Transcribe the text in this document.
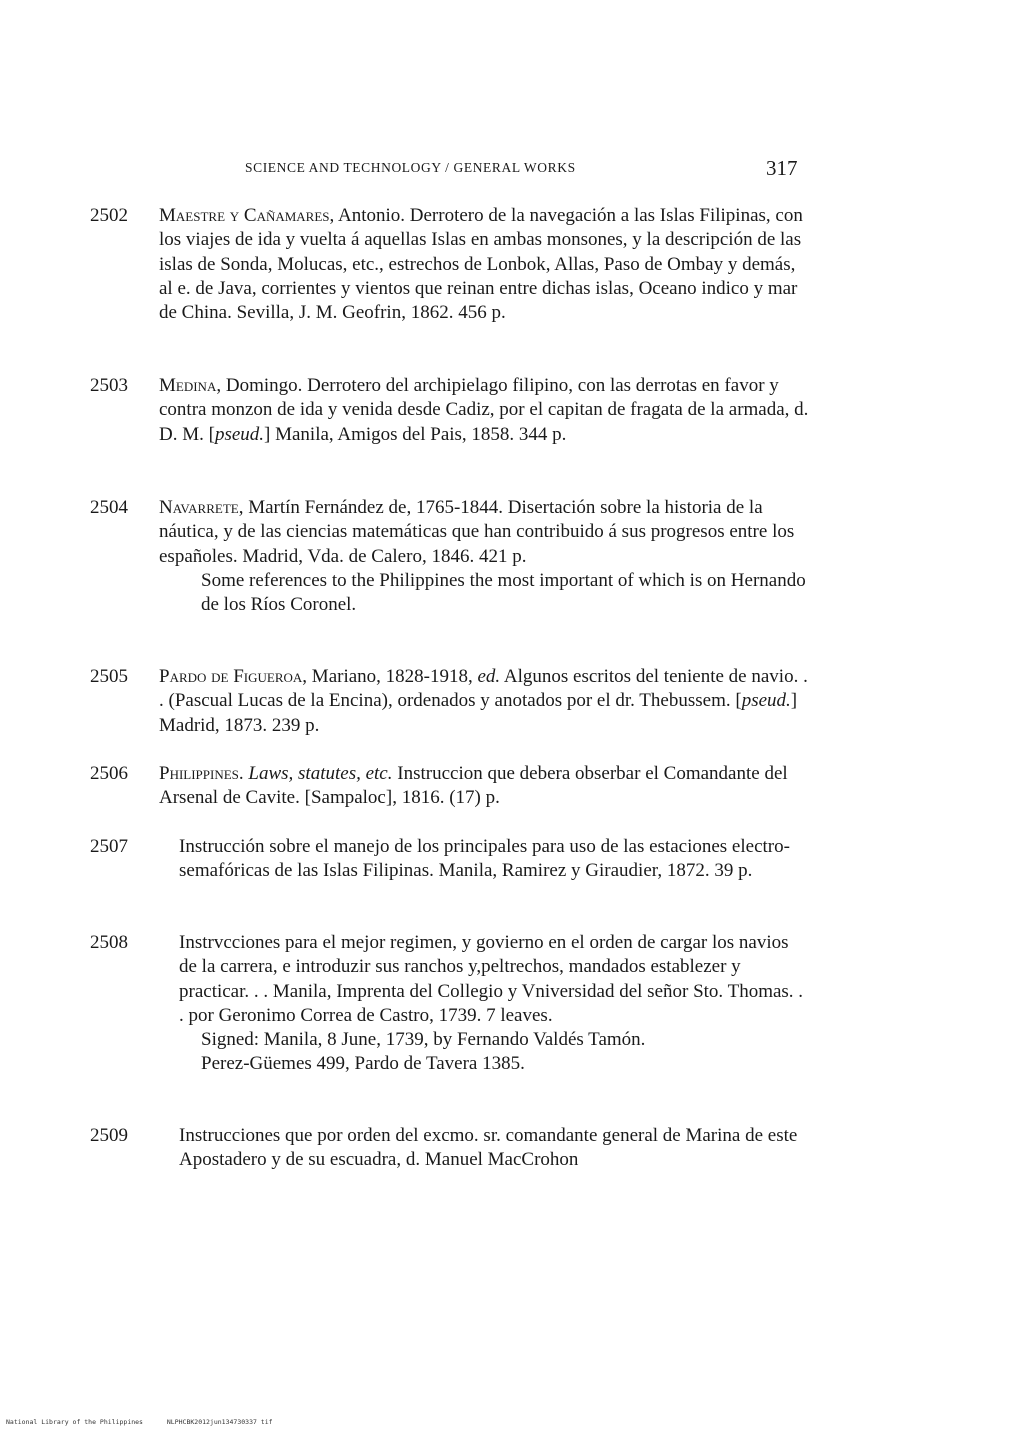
SCIENCE AND TECHNOLOGY / GENERAL WORKS	317
2502 Maestre y Cañamares, Antonio. Derrotero de la navegación a las Islas Filipinas, con los viajes de ida y vuelta á aquellas Islas en ambas monsones, y la descripción de las islas de Sonda, Molucas, etc., estrechos de Lonbok, Allas, Paso de Ombay y demás, al e. de Java, corrientes y vientos que reinan entre dichas islas, Oceano indico y mar de China. Sevilla, J. M. Geofrin, 1862. 456 p.
2503 Medina, Domingo. Derrotero del archipielago filipino, con las derrotas en favor y contra monzon de ida y venida desde Cadiz, por el capitan de fragata de la armada, d. D. M. [pseud.] Manila, Amigos del Pais, 1858. 344 p.
2504 Navarrete, Martín Fernández de, 1765-1844. Disertación sobre la historia de la náutica, y de las ciencias matemáticas que han contribuido á sus progresos entre los españoles. Madrid, Vda. de Calero, 1846. 421 p.
Some references to the Philippines the most important of which is on Hernando de los Ríos Coronel.
2505 Pardo de Figueroa, Mariano, 1828-1918, ed. Algunos escritos del teniente de navio. . . (Pascual Lucas de la Encina), ordenados y anotados por el dr. Thebussem. [pseud.] Madrid, 1873. 239 p.
2506 Philippines. Laws, statutes, etc. Instruccion que debera obserbar el Comandante del Arsenal de Cavite. [Sampaloc], 1816. (17) p.
2507	Instrucción sobre el manejo de los principales para uso de las estaciones electro-semafóricas de las Islas Filipinas. Manila, Ramirez y Giraudier, 1872. 39 p.
2508	Instrvcciones para el mejor regimen, y govierno en el orden de cargar los navios de la carrera, e introduzir sus ranchos y,peltrechos, mandados establezer y practicar. . . Manila, Imprenta del Collegio y Vniversidad del señor Sto. Thomas. . . por Geronimo Correa de Castro, 1739. 7 leaves.
Signed: Manila, 8 June, 1739, by Fernando Valdés Tamón.
Perez-Güemes 499, Pardo de Tavera 1385.
2509	Instrucciones que por orden del excmo. sr. comandante general de Marina de este Apostadero y de su escuadra, d. Manuel MacCrohon
National Library of the Philippines	NLPHCBK2012jun134730337 tif
